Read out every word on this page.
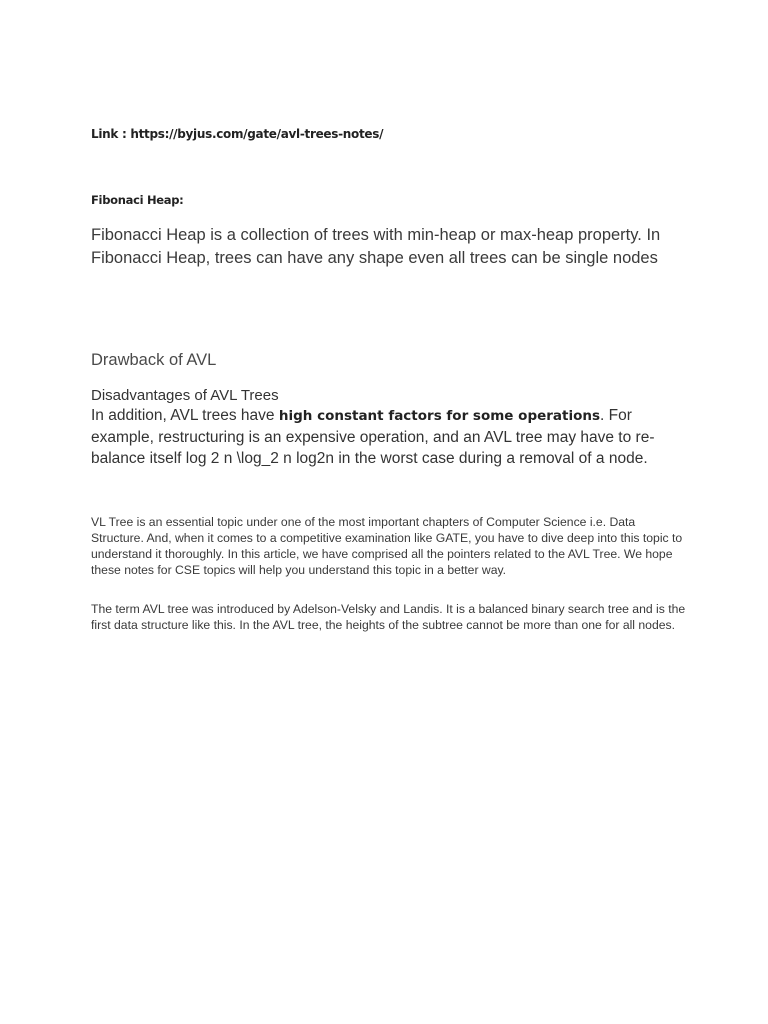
Link : https://byjus.com/gate/avl-trees-notes/
Fibonaci Heap:
Fibonacci Heap is a collection of trees with min-heap or max-heap property. In Fibonacci Heap, trees can have any shape even all trees can be single nodes
Drawback of AVL
Disadvantages of AVL Trees
In addition, AVL trees have high constant factors for some operations. For example, restructuring is an expensive operation, and an AVL tree may have to re-balance itself log 2 n \log_2 n log2n in the worst case during a removal of a node.

VL Tree is an essential topic under one of the most important chapters of Computer Science i.e. Data Structure. And, when it comes to a competitive examination like GATE, you have to dive deep into this topic to understand it thoroughly. In this article, we have comprised all the pointers related to the AVL Tree. We hope these notes for CSE topics will help you understand this topic in a better way.

The term AVL tree was introduced by Adelson-Velsky and Landis. It is a balanced binary search tree and is the first data structure like this. In the AVL tree, the heights of the subtree cannot be more than one for all nodes.
